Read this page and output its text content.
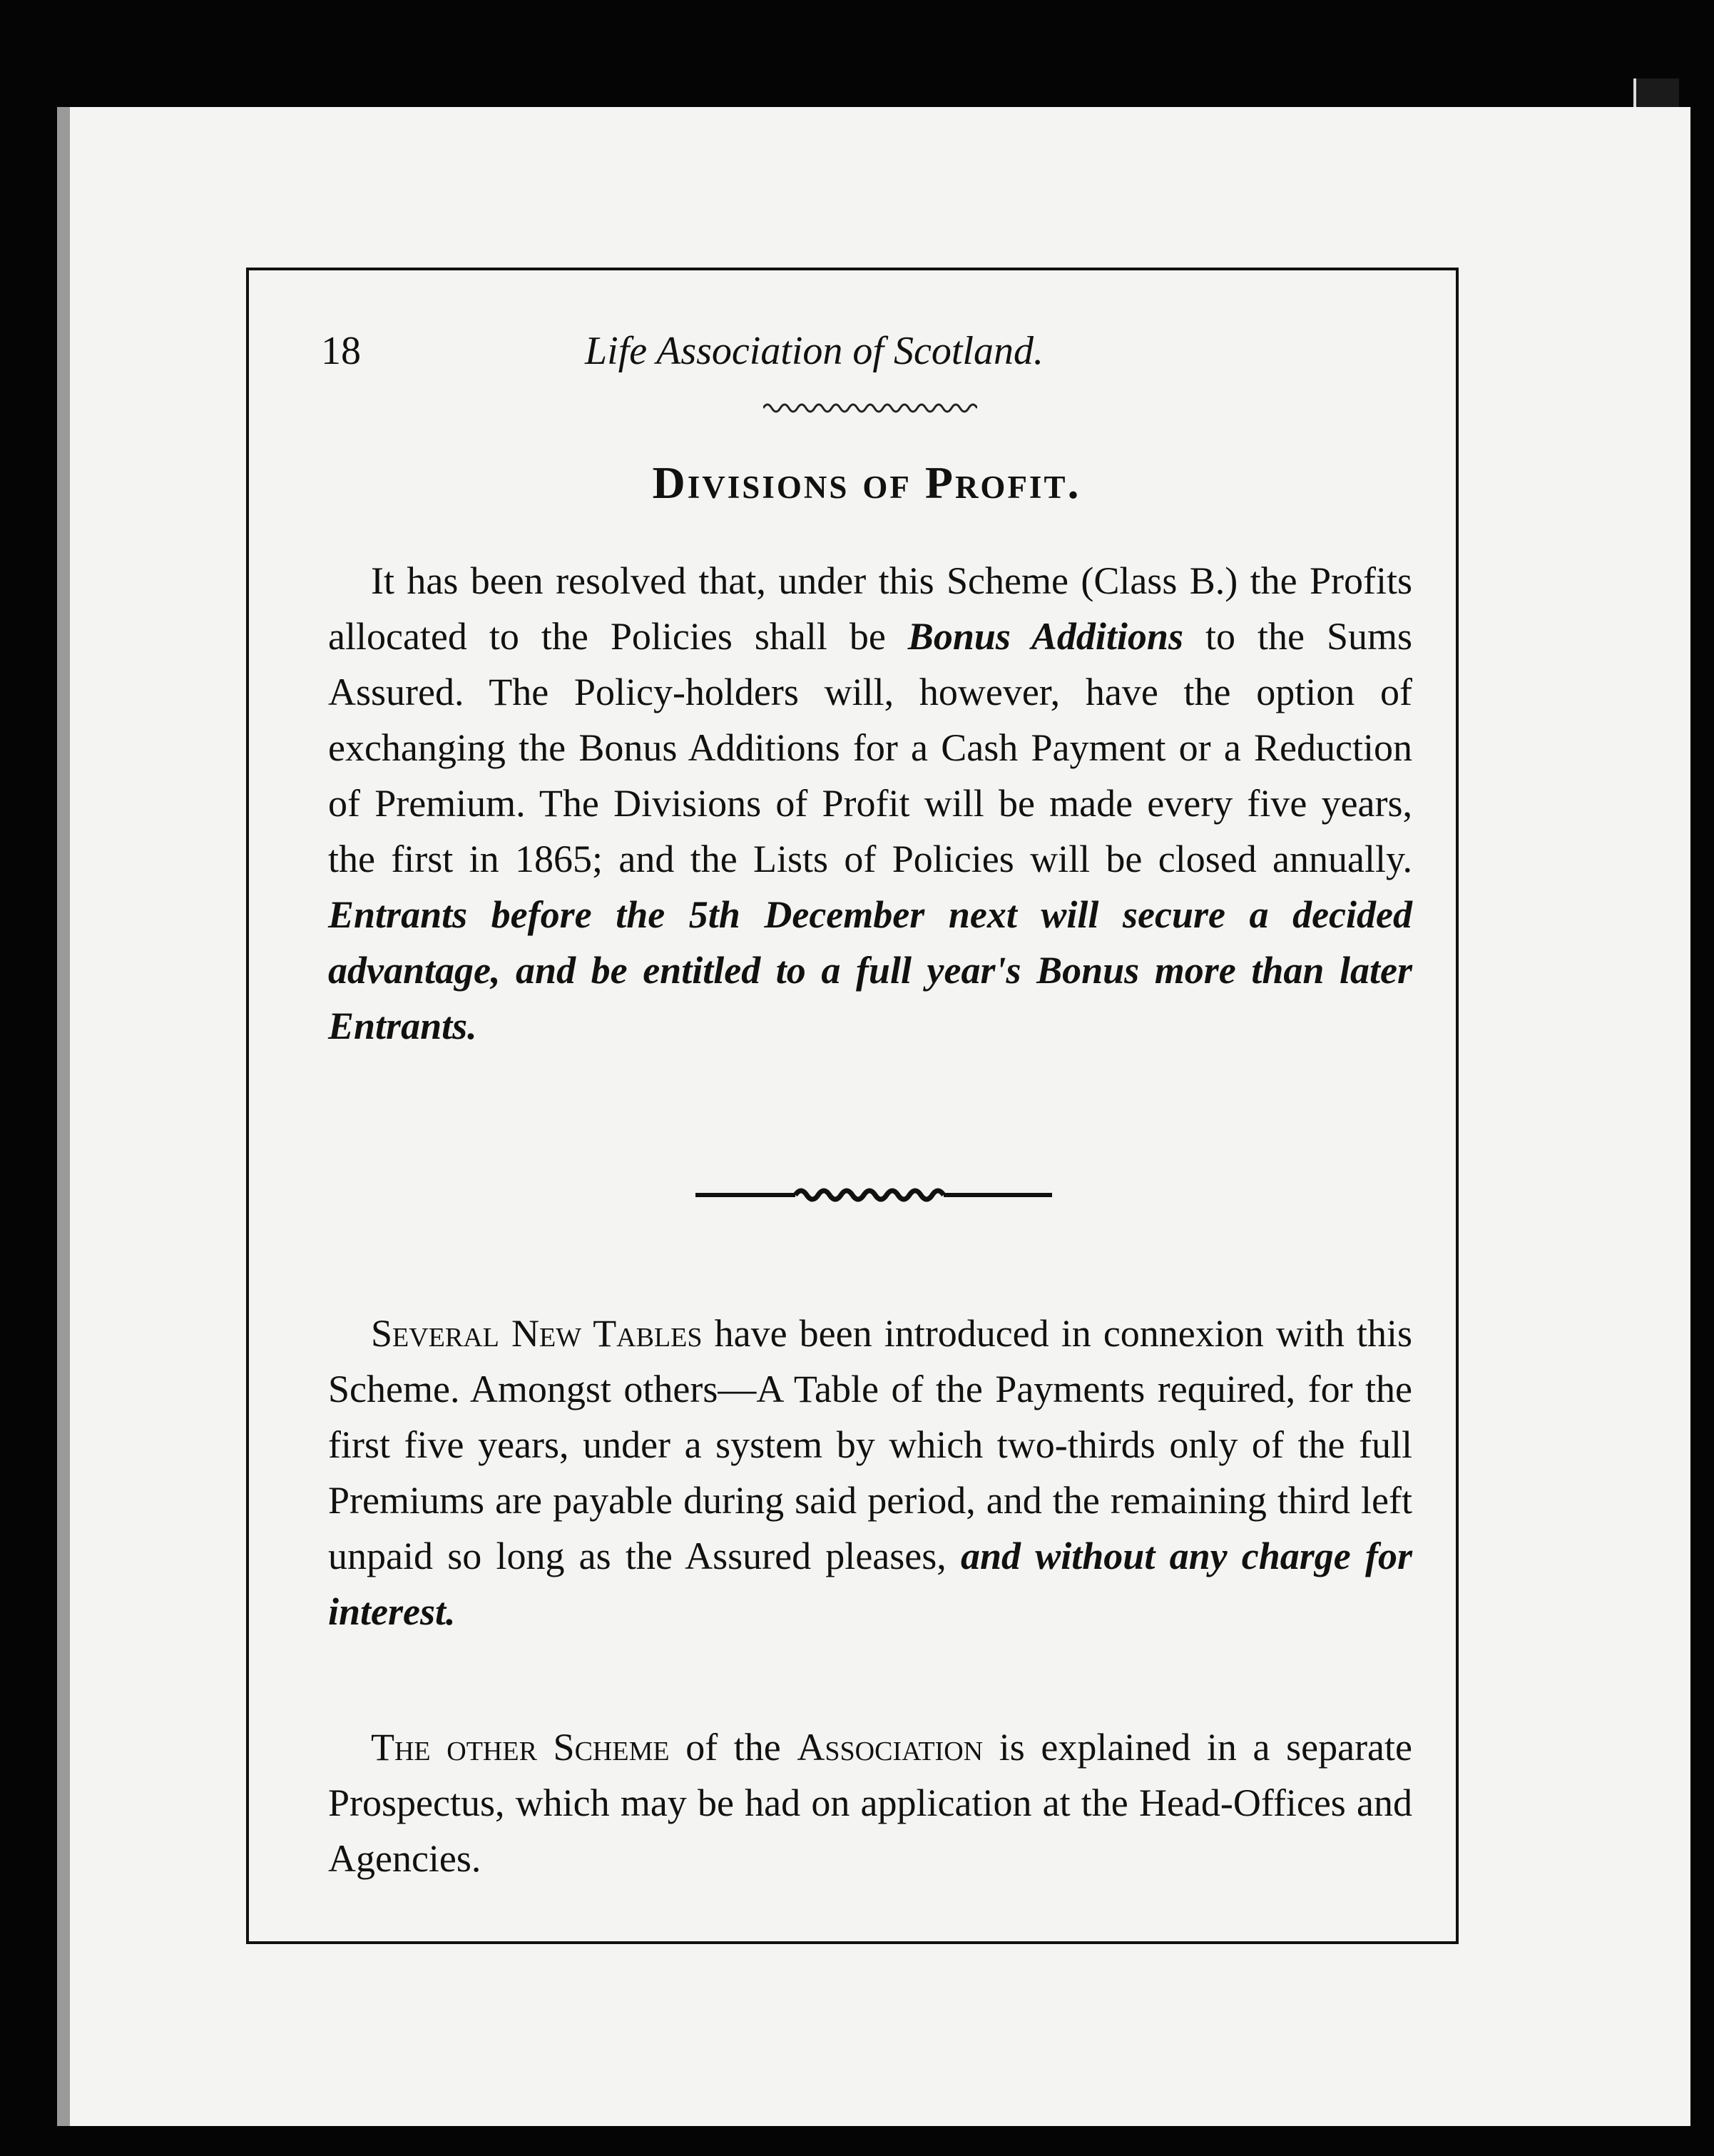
18	Life Association of Scotland.
Divisions of Profit.
It has been resolved that, under this Scheme (Class B.) the Profits allocated to the Policies shall be Bonus Additions to the Sums Assured. The Policy-holders will, however, have the option of exchanging the Bonus Additions for a Cash Payment or a Reduction of Premium. The Divisions of Profit will be made every five years, the first in 1865; and the Lists of Policies will be closed annually. Entrants before the 5th December next will secure a decided advantage, and be entitled to a full year's Bonus more than later Entrants.
Several New Tables have been introduced in connexion with this Scheme. Amongst others—A Table of the Payments required, for the first five years, under a system by which two-thirds only of the full Premiums are payable during said period, and the remaining third left unpaid so long as the Assured pleases, and without any charge for interest.
The other Scheme of the Association is explained in a separate Prospectus, which may be had on application at the Head-Offices and Agencies.
